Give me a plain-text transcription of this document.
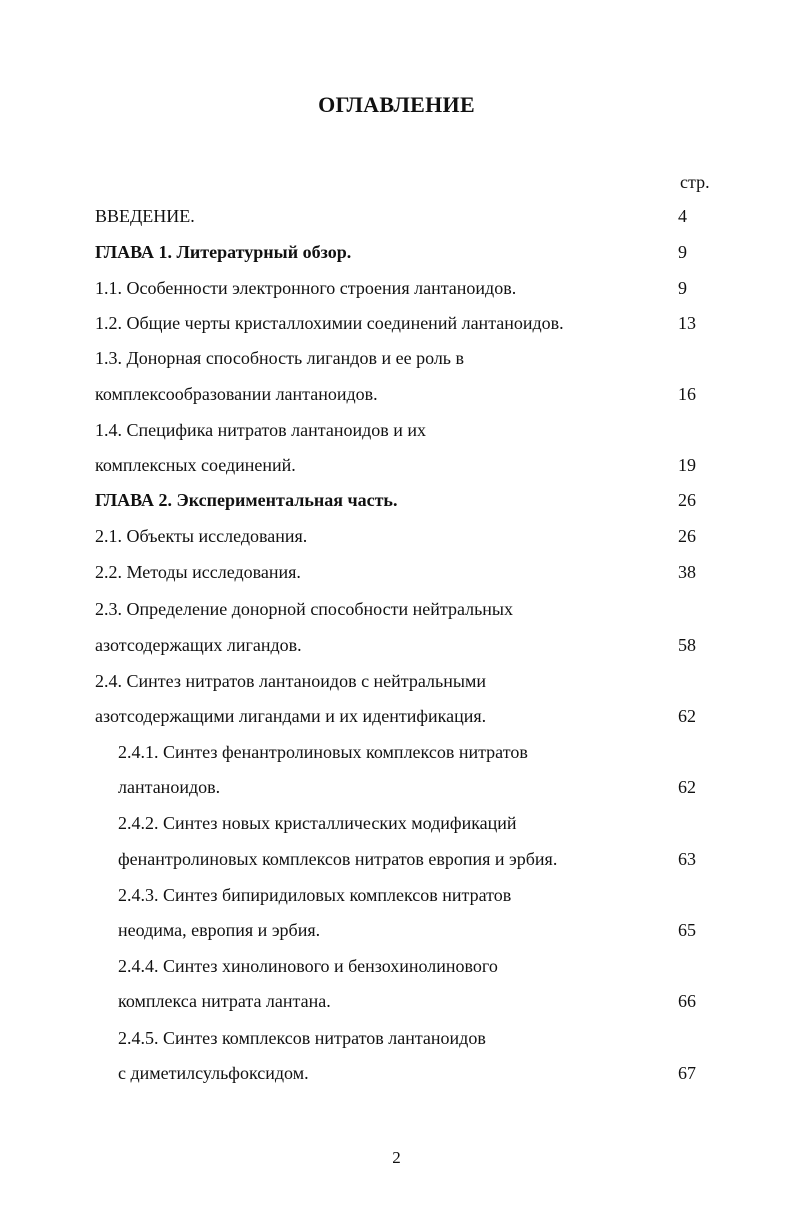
ОГЛАВЛЕНИЕ
стр.
ВВЕДЕНИЕ.	4
ГЛАВА 1. Литературный обзор.	9
1.1. Особенности электронного строения лантаноидов.	9
1.2. Общие черты кристаллохимии соединений лантаноидов.	13
1.3. Донорная способность лигандов и ее роль в
комплексообразовании лантаноидов.	16
1.4. Специфика нитратов лантаноидов и их
комплексных соединений.	19
ГЛАВА 2. Экспериментальная часть.	26
2.1. Объекты исследования.	26
2.2. Методы исследования.	38
2.3. Определение донорной способности нейтральных
азотсодержащих лигандов.	58
2.4. Синтез нитратов лантаноидов с нейтральными
азотсодержащими лигандами и их идентификация.	62
2.4.1. Синтез фенантролиновых комплексов нитратов
лантаноидов.	62
2.4.2. Синтез новых кристаллических модификаций
фенантролиновых комплексов нитратов европия и эрбия.	63
2.4.3. Синтез бипиридиловых комплексов нитратов
неодима, европия и эрбия.	65
2.4.4. Синтез хинолинового и бензохинолинового
комплекса нитрата лантана.	66
2.4.5. Синтез комплексов нитратов лантаноидов
с диметилсульфоксидом.	67
2
